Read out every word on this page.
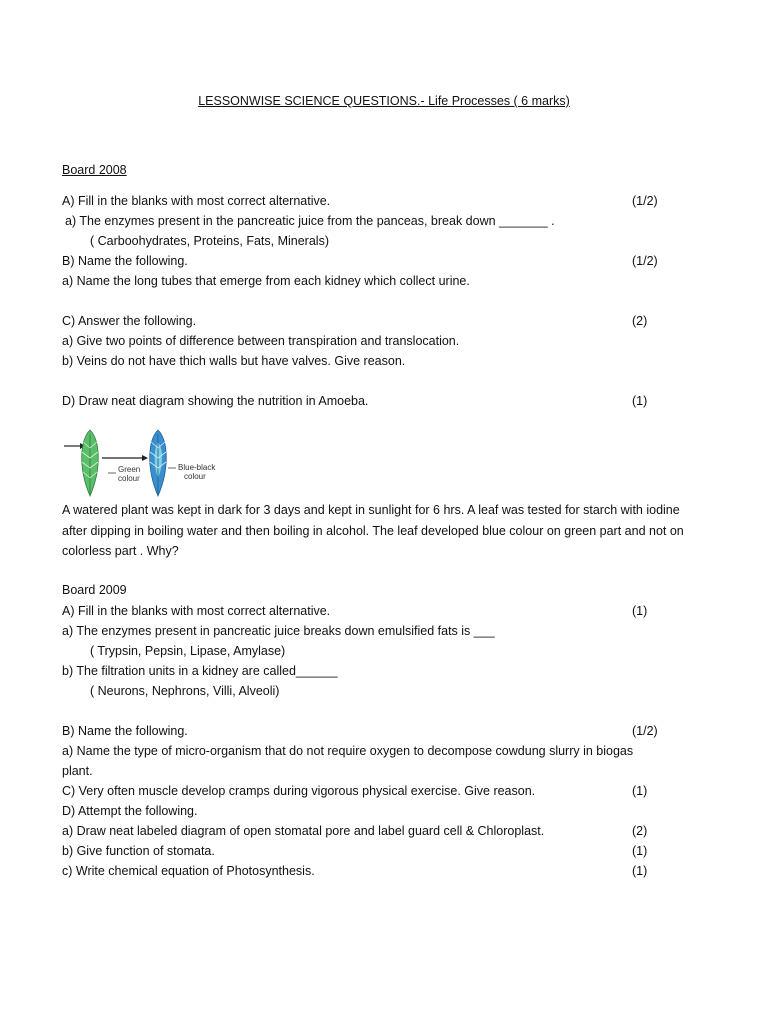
LESSONWISE SCIENCE QUESTIONS.- Life Processes ( 6 marks)
Board 2008
A) Fill in the blanks with most correct alternative.	(1/2)
a) The enzymes present in the pancreatic juice from the panceas, break down _______ .
( Carboohydrates, Proteins, Fats, Minerals)
B) Name the following.	(1/2)
a) Name the long tubes that emerge from each kidney which collect urine.
C) Answer the following.	(2)
a) Give two points of difference between transpiration and translocation.
b) Veins do not have thich walls but have valves. Give reason.
D) Draw neat diagram showing the nutrition in Amoeba.	(1)
Green
colour
Blue-black
colour
A watered plant was kept in dark for 3 days and kept in sunlight for 6 hrs. A leaf was tested for starch with iodine after dipping in boiling water and then boiling in alcohol. The leaf developed blue colour on green part and not on colorless part . Why?
Board 2009
A) Fill in the blanks with most correct alternative.	(1)
a) The enzymes present in pancreatic juice breaks down emulsified fats is ___
( Trypsin, Pepsin, Lipase, Amylase)
b) The filtration units in a kidney are called______
( Neurons, Nephrons, Villi, Alveoli)
B) Name the following.	(1/2)
a) Name the type of micro-organism that do not require oxygen to decompose cowdung slurry in biogas
plant.
C) Very often muscle develop cramps during vigorous physical exercise. Give reason.	(1)
D) Attempt the following.
a) Draw neat labeled diagram of open stomatal pore and label guard cell & Chloroplast.	(2)
b) Give function of stomata.	(1)
c) Write chemical equation of Photosynthesis.	(1)
